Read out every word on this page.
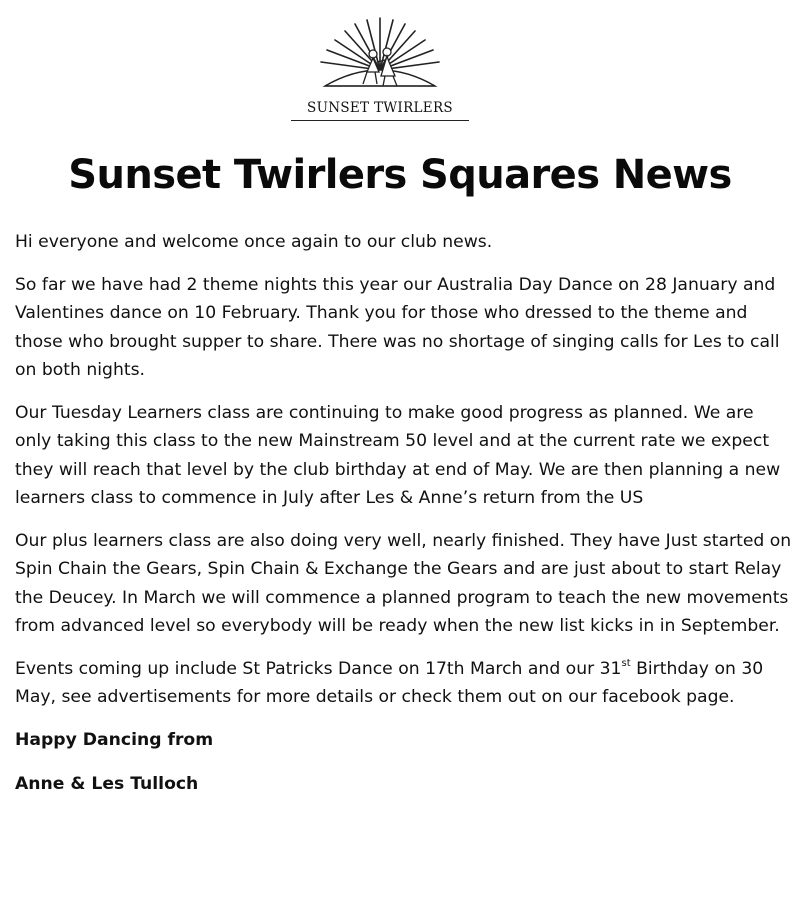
SUNSET TWIRLERS
Sunset Twirlers Squares News

Hi everyone and welcome once again to our club news.

So far we have had 2 theme nights this year our Australia Day Dance on 28 January and Valentines dance on 10 February. Thank you for those who dressed to the theme and those who brought supper to share. There was no shortage of singing calls for Les to call on both nights.

Our Tuesday Learners class are continuing to make good progress as planned. We are only taking this class to the new Mainstream 50 level and at the current rate we expect they will reach that level by the club birthday at end of May. We are then planning a new learners class to commence in July after Les & Anne’s return from the US

Our plus learners class are also doing very well, nearly finished. They have Just started on Spin Chain the Gears, Spin Chain & Exchange the Gears and are just about to start Relay the Deucey. In March we will commence a planned program to teach the new movements from advanced level so everybody will be ready when the new list kicks in in September.

Events coming up include St Patricks Dance on 17th March and our 31st Birthday on 30 May, see advertisements for more details or check them out on our facebook page.

Happy Dancing from

Anne & Les Tulloch
